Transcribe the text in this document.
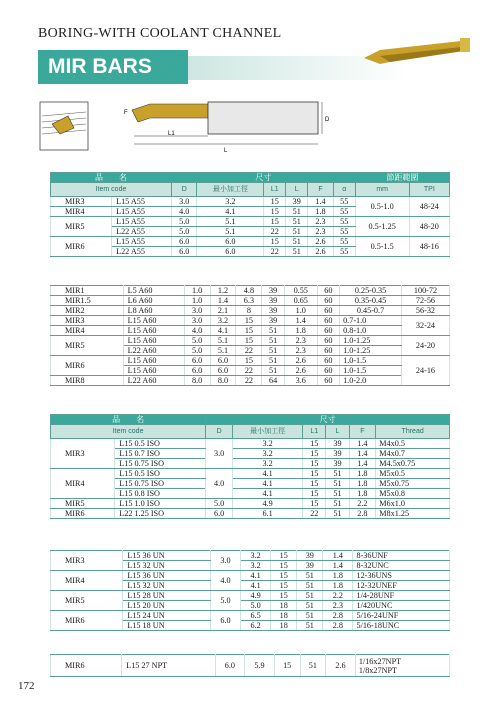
BORING-WITH COOLANT CHANNEL
MIR BARS
F
L1
L
D
品　　名		尺寸						節距範圍	
Item code		D	最小加工徑	L1	L	F	α	mm	TPI
MIR3	L15 A55	3.0	3.2	15	39	1.4	55	0.5-1.0	48-24
MIR4	L15 A55	4.0	4.1	15	51	1.8	55		
MIR5	L15 A55	5.0	5.1	15	51	2.3	55	0.5-1.25	48-20
	L22 A55	5.0	5.1	22	51	2.3	55		
MIR6	L15 A55	6.0	6.0	15	51	2.6	55	0.5-1.5	48-16
	L22 A55	6.0	6.0	22	51	2.6	55		
MIR1	L5 A60	1.0	1.2	4.8	39	0.55	60	0.25-0.35	100-72
MIR1.5	L6 A60	1.0	1.4	6.3	39	0.65	60	0.35-0.45	72-56
MIR2	L8 A60	3.0	2.1	8	39	1.0	60	0.45-0.7	56-32
MIR3	L15 A60	3.0	3.2	15	39	1.4	60	0.7-1.0	32-24
MIR4	L15 A60	4.0	4.1	15	51	1.8	60	0.8-1.0	
MIR5	L15 A60	5.0	5.1	15	51	2.3	60	1.0-1.25	24-20
	L22 A60	5.0	5.1	22	51	2.3	60	1.0-1.25	
MIR6	L15 A60	6.0	6.0	15	51	2.6	60	1.0-1.5	24-16
	L15 A60	6.0	6.0	22	51	2.6	60	1.0-1.5	
MIR8	L22 A60	8.0	8.0	22	64	3.6	60	1.0-2.0	
品　　名		尺寸					
Item code		D	最小加工徑	L1	L	F	Thread
MIR3	L15 0.5 ISO	3.0	3.2	15	39	1.4	M4x0.5
	L15 0.7 ISO		3.2	15	39	1.4	M4x0.7
	L15 0.75 ISO		3.2	15	39	1.4	M4.5x0.75
MIR4	L15 0.5 ISO	4.0	4.1	15	51	1.8	M5x0.5
	L15 0.75 ISO		4.1	15	51	1.8	M5x0.75
	L15 0.8 ISO		4.1	15	51	1.8	M5x0.8
MIR5	L15 1.0 ISO	5.0	4.9	15	51	2.2	M6x1.0
MIR6	L22 1.25 ISO	6.0	6.1	22	51	2.8	M8x1.25
MIR3	L15 36 UN	3.0	3.2	15	39	1.4	8-36UNF
	L15 32 UN		3.2	15	39	1.4	8-32UNC
MIR4	L15 36 UN	4.0	4.1	15	51	1.8	12-36UNS
	L15 32 UN		4.1	15	51	1.8	12-32UNEF
MIR5	L15 28 UN	5.0	4.9	15	51	2.2	1/4-28UNF
	L15 20 UN		5.0	18	51	2.3	1/420UNC
MIR6	L15 24 UN	6.0	6.5	18	51	2.8	5/16-24UNF
	L15 18 UN		6.2	18	51	2.8	5/16-18UNC
MIR6	L15 27 NPT	6.0	5.9	15	51	2.6	1/16x27NPT
1/8x27NPT
172
